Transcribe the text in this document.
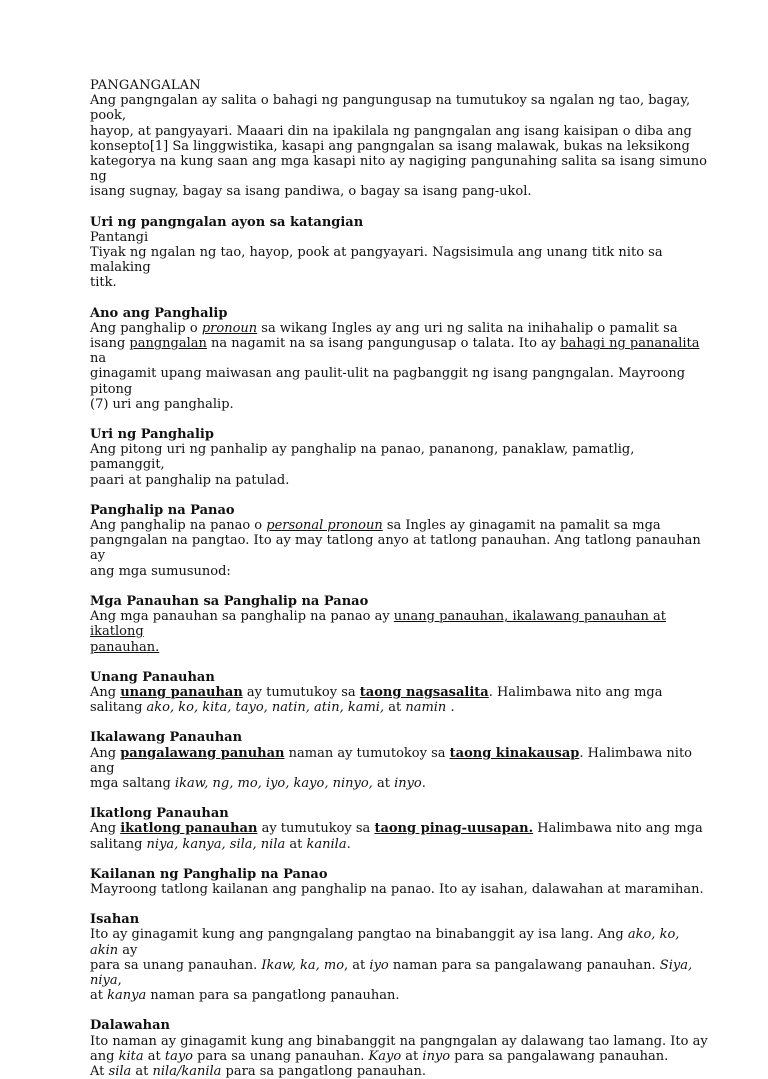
PANGANGALAN

Ang pangngalan ay salita o bahagi ng pangungusap na tumutukoy sa ngalan ng tao, bagay, pook,

hayop, at pangyayari. Maaari din na ipakilala ng pangngalan ang isang kaisipan o diba ang

konsepto[1] Sa linggwistika, kasapi ang pangngalan sa isang malawak, bukas na leksikong

kategorya na kung saan ang mga kasapi nito ay nagiging pangunahing salita sa isang simuno ng

isang sugnay, bagay sa isang pandiwa, o bagay sa isang pang-ukol.

Uri ng pangngalan ayon sa katangian

Pantangi

Tiyak ng ngalan ng tao, hayop, pook at pangyayari. Nagsisimula ang unang titk nito sa malaking

titk.

Ano ang Panghalip

Ang panghalip o pronoun sa wikang Ingles ay ang uri ng salita na inihahalip o pamalit sa

isang pangngalan na nagamit na sa isang pangungusap o talata. Ito ay bahagi ng pananalita na

ginagamit upang maiwasan ang paulit-ulit na pagbanggit ng isang pangngalan. Mayroong pitong

(7) uri ang panghalip.

Uri ng Panghalip

Ang pitong uri ng panhalip ay panghalip na panao, pananong, panaklaw, pamatlig, pamanggit,

paari at panghalip na patulad.

Panghalip na Panao

Ang panghalip na panao o personal pronoun sa Ingles ay ginagamit na pamalit sa mga

pangngalan na pangtao. Ito ay may tatlong anyo at tatlong panauhan. Ang tatlong panauhan ay

ang mga sumusunod:

Mga Panauhan sa Panghalip na Panao

Ang mga panauhan sa panghalip na panao ay unang panauhan, ikalawang panauhan at ikatlong

panauhan.

Unang Panauhan

Ang unang panauhan ay tumutukoy sa taong nagsasalita. Halimbawa nito ang mga

salitang ako, ko, kita, tayo, natin, atin, kami, at namin .

Ikalawang Panauhan

Ang pangalawang panuhan naman ay tumutokoy sa taong kinakausap. Halimbawa nito ang

mga saltang ikaw, ng, mo, iyo, kayo, ninyo, at inyo.

Ikatlong Panauhan

Ang ikatlong panauhan ay tumutukoy sa taong pinag-uusapan. Halimbawa nito ang mga

salitang niya, kanya, sila, nila at kanila.

Kailanan ng Panghalip na Panao

Mayroong tatlong kailanan ang panghalip na panao. Ito ay isahan, dalawahan at maramihan.

Isahan

Ito ay ginagamit kung ang pangngalang pangtao na binabanggit ay isa lang. Ang ako, ko, akin ay

para sa unang panauhan. Ikaw, ka, mo, at iyo naman para sa pangalawang panauhan. Siya, niya,

at kanya naman para sa pangatlong panauhan.

Dalawahan

Ito naman ay ginagamit kung ang binabanggit na pangngalan ay dalawang tao lamang. Ito ay

ang kita at tayo para sa unang panauhan. Kayo at inyo para sa pangalawang panauhan.

At sila at nila/kanila para sa pangatlong panauhan.
